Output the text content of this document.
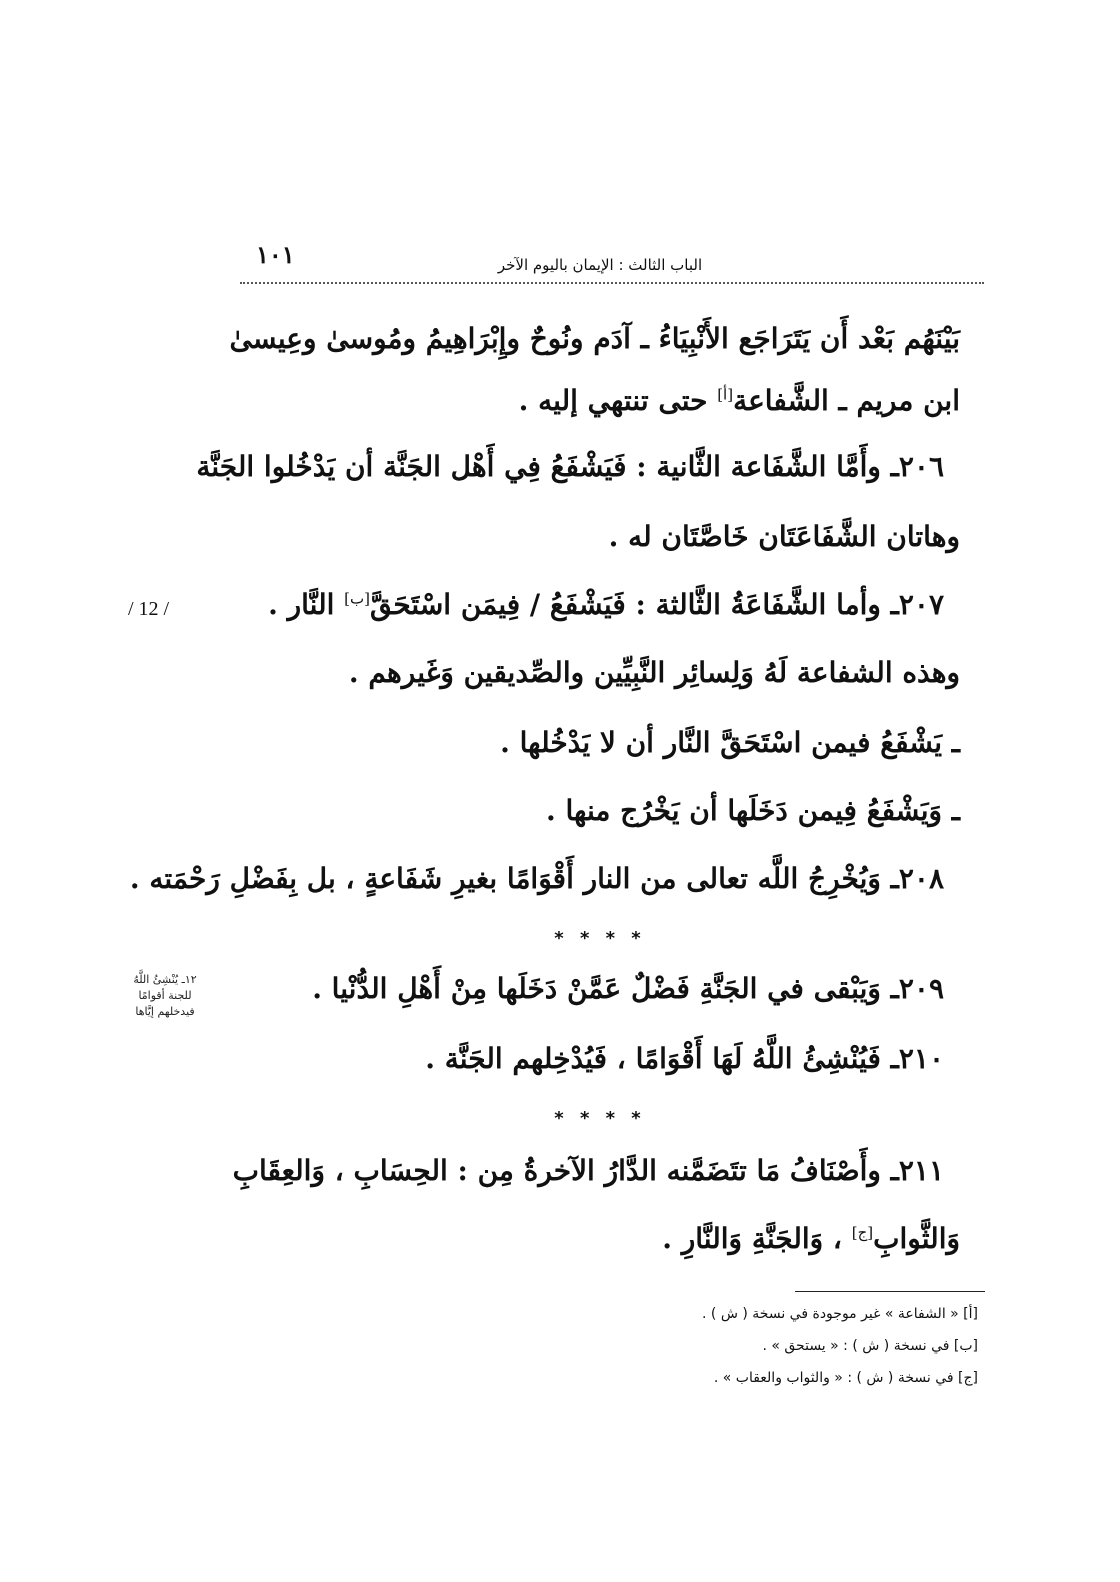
١٠١	الباب الثالث : الإيمان باليوم الآخر
بَيْنَهُم بَعْد أَن يَتَرَاجَع الأَنْبِيَاءُ ـ آدَم ونُوحٌ وإِبْرَاهِيمُ ومُوسىٰ وعِيسىٰ
ابن مريم ـ الشَّفاعة[أ] حتى تنتهي إليه .
٢٠٦ـ وأَمَّا الشَّفَاعة الثَّانية : فَيَشْفَعُ فِي أَهْل الجَنَّة أن يَدْخُلوا الجَنَّة
وهاتان الشَّفَاعَتَان خَاصَّتَان له .
٢٠٧ـ وأما الشَّفَاعَةُ الثَّالثة : فَيَشْفَعُ / فِيمَن اسْتَحَقَّ[ب] النَّار .
وهذه الشفاعة لَهُ وَلِسائِر النَّبِيِّين والصِّديقين وَغَيرهم .
ـ يَشْفَعُ فيمن اسْتَحَقَّ النَّار أن لا يَدْخُلها .
ـ وَيَشْفَعُ فِيمن دَخَلَها أن يَخْرُج منها .
٢٠٨ـ وَيُخْرِجُ اللَّه تعالى من النار أَقْوَامًا بغيرِ شَفَاعةٍ ، بل بِفَضْلِ رَحْمَته .
* * * *
٢٠٩ـ وَيَبْقى في الجَنَّةِ فَضْلٌ عَمَّنْ دَخَلَها مِنْ أَهْلِ الدُّنْيا .
٢١٠ـ فَيُنْشِئُ اللَّهُ لَهَا أَقْوَامًا ، فَيُدْخِلهم الجَنَّة .
* * * *
٢١١ـ وأَصْنَافُ مَا تتَضَمَّنه الدَّارُ الآخرةُ مِن : الحِسَابِ ، وَالعِقَابِ
وَالثَّوابِ[ج] ، وَالجَنَّةِ وَالنَّارِ .
/ 12 /
١٢ـ يُنْشِئُ اللَّهُ
للجنة أقوامًا
فيدخلهم إيَّاها
[أ] « الشفاعة » غير موجودة في نسخة ( ش ) .
[ب] في نسخة ( ش ) : « يستحق » .
[ج] في نسخة ( ش ) : « والثواب والعقاب » .
